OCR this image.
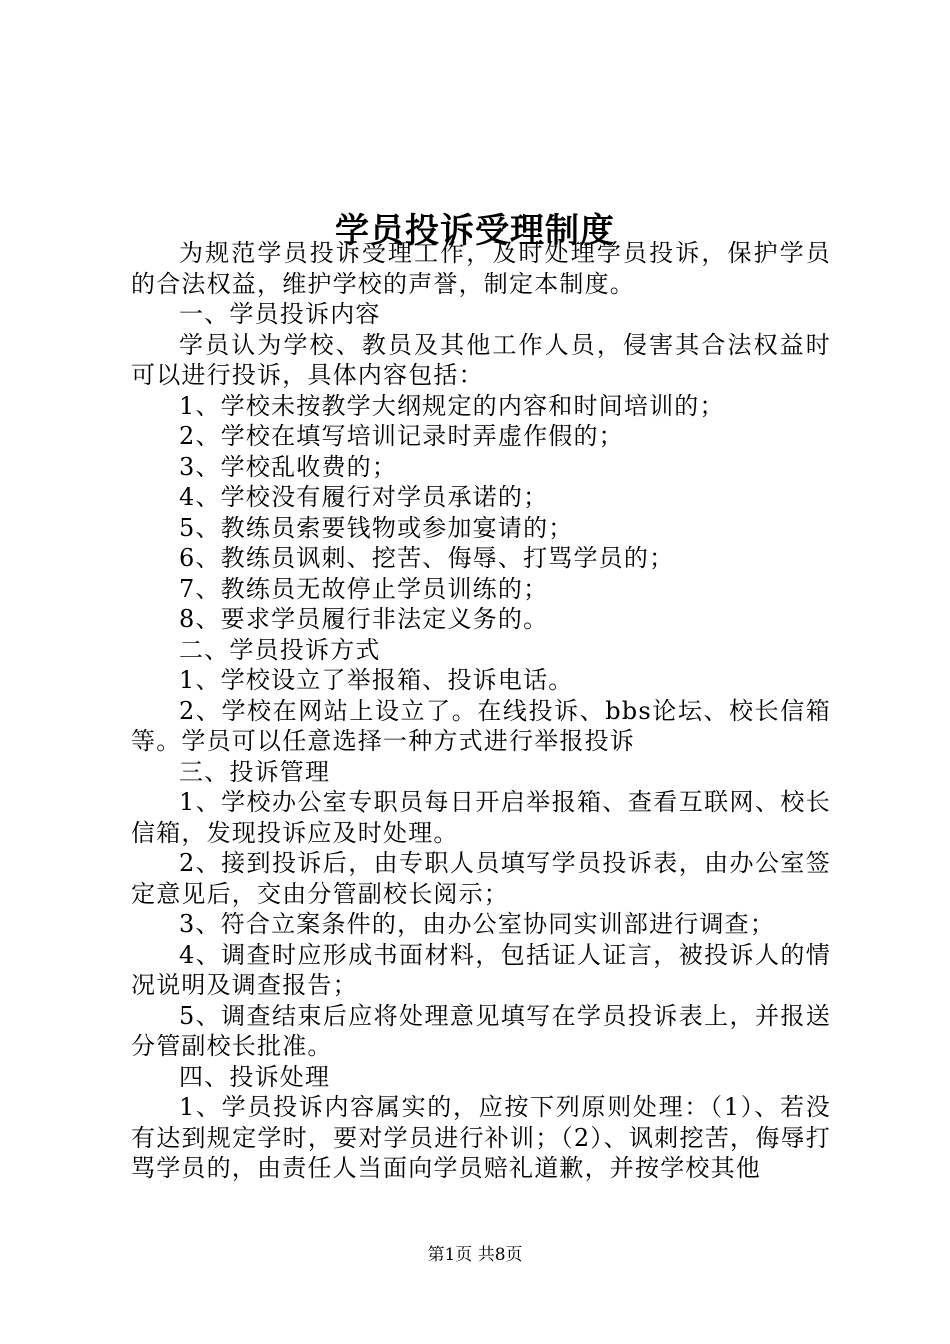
学员投诉受理制度

为规范学员投诉受理工作，及时处理学员投诉，保护学员的合法权益，维护学校的声誉，制定本制度。

一、学员投诉内容

学员认为学校、教员及其他工作人员，侵害其合法权益时可以进行投诉，具体内容包括：

1、学校未按教学大纲规定的内容和时间培训的；

2、学校在填写培训记录时弄虚作假的；

3、学校乱收费的；

4、学校没有履行对学员承诺的；

5、教练员索要钱物或参加宴请的；

6、教练员讽刺、挖苦、侮辱、打骂学员的；

7、教练员无故停止学员训练的；

8、要求学员履行非法定义务的。

二、学员投诉方式

1、学校设立了举报箱、投诉电话。

2、学校在网站上设立了。在线投诉、bbs论坛、校长信箱等。学员可以任意选择一种方式进行举报投诉

三、投诉管理

1、学校办公室专职员每日开启举报箱、查看互联网、校长信箱，发现投诉应及时处理。

2、接到投诉后，由专职人员填写学员投诉表，由办公室签定意见后，交由分管副校长阅示；

3、符合立案条件的，由办公室协同实训部进行调查；

4、调查时应形成书面材料，包括证人证言，被投诉人的情况说明及调查报告；

5、调查结束后应将处理意见填写在学员投诉表上，并报送分管副校长批准。

四、投诉处理

1、学员投诉内容属实的，应按下列原则处理：（1）、若没有达到规定学时，要对学员进行补训；（2）、讽刺挖苦，侮辱打骂学员的，由责任人当面向学员赔礼道歉，并按学校其他

第1页 共8页
